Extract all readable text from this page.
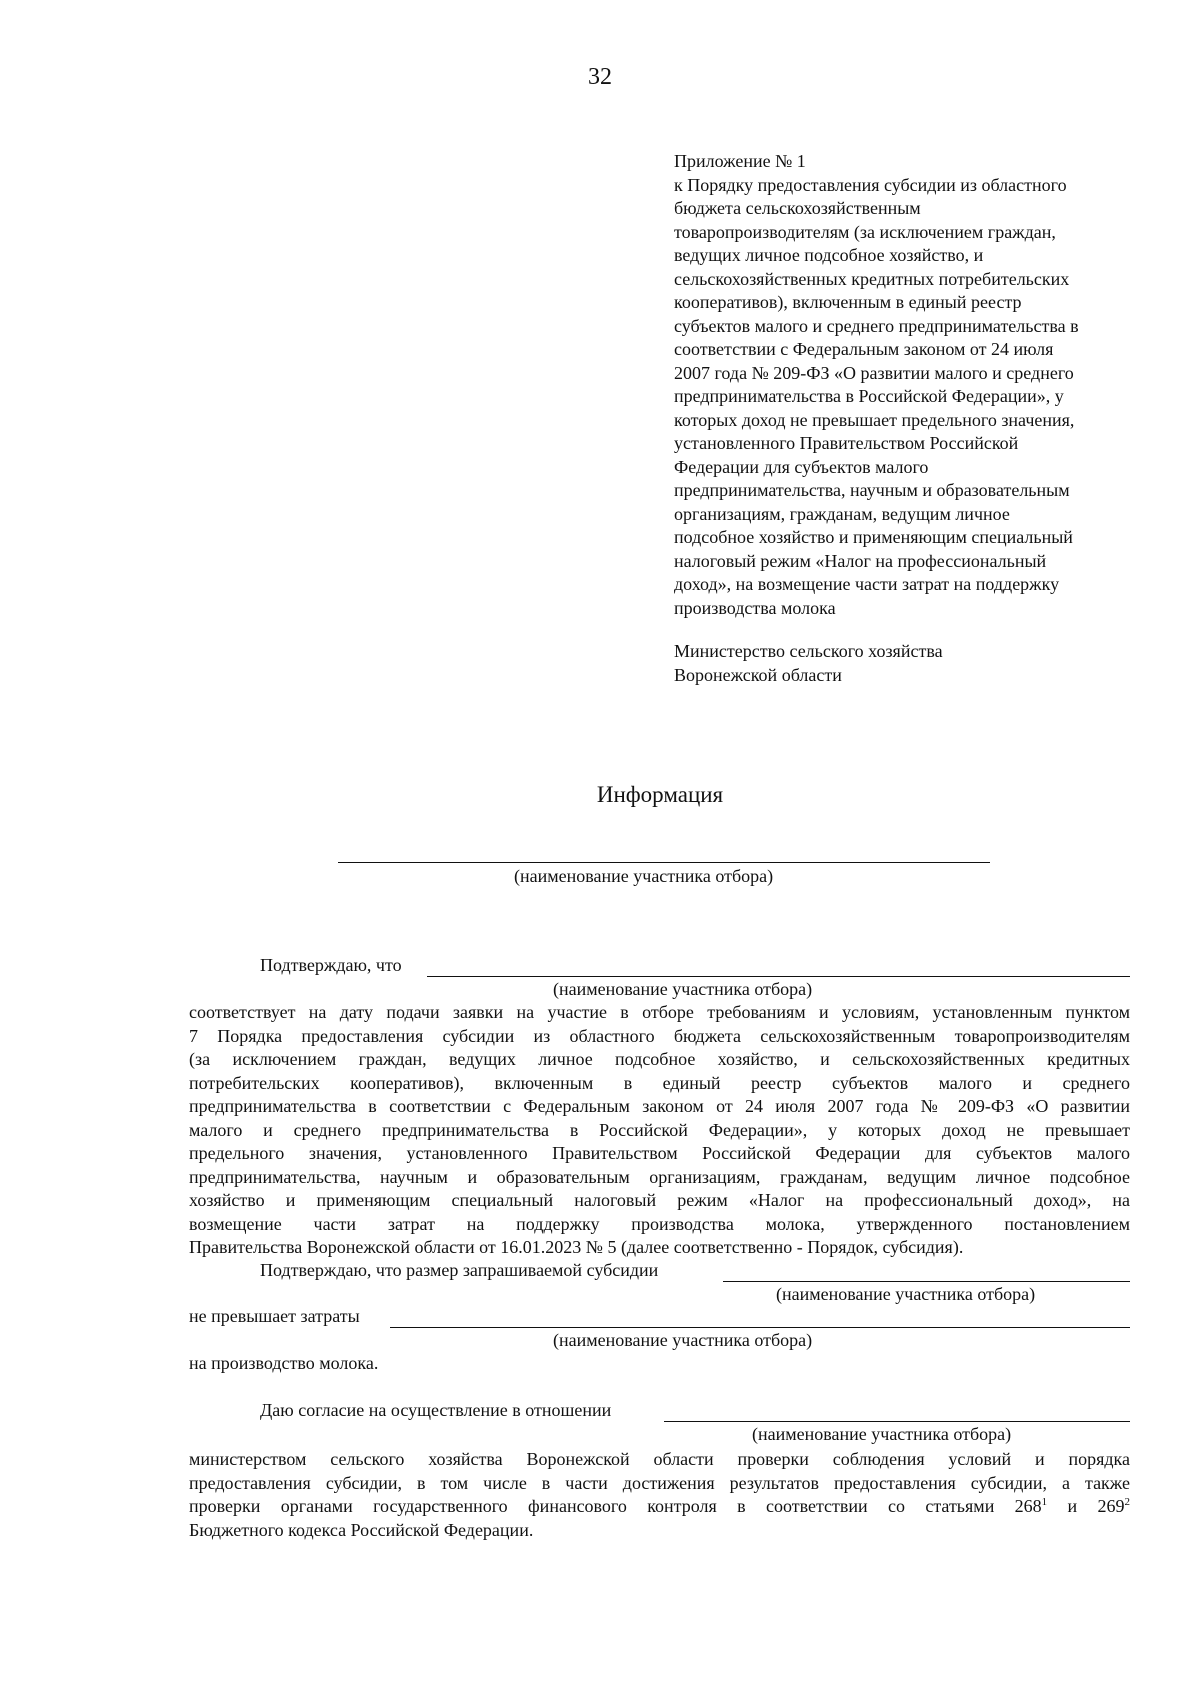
32
Приложение № 1
к Порядку предоставления субсидии из областного
бюджета сельскохозяйственным
товаропроизводителям (за исключением граждан,
ведущих личное подсобное хозяйство, и
сельскохозяйственных кредитных потребительских
кооперативов), включенным в единый реестр
субъектов малого и среднего предпринимательства в
соответствии с Федеральным законом от 24 июля
2007 года № 209-ФЗ «О развитии малого и среднего
предпринимательства в Российской Федерации», у
которых доход не превышает предельного значения,
установленного Правительством Российской
Федерации для субъектов малого
предпринимательства, научным и образовательным
организациям, гражданам, ведущим личное
подсобное хозяйство и применяющим специальный
налоговый режим «Налог на профессиональный
доход», на возмещение части затрат на поддержку
производства молока
Министерство сельского хозяйства
Воронежской области
Информация
(наименование участника отбора)
Подтверждаю, что
(наименование участника отбора)
соответствует на дату подачи заявки на участие в отборе требованиям и условиям, установленным пунктом
7 Порядка предоставления субсидии из областного бюджета сельскохозяйственным товаропроизводителям
(за исключением граждан, ведущих личное подсобное хозяйство, и сельскохозяйственных кредитных
потребительских кооперативов), включенным в единый реестр субъектов малого и среднего
предпринимательства в соответствии с Федеральным законом от 24 июля 2007 года № 209-ФЗ «О развитии
малого и среднего предпринимательства в Российской Федерации», у которых доход не превышает
предельного значения, установленного Правительством Российской Федерации для субъектов малого
предпринимательства, научным и образовательным организациям, гражданам, ведущим личное подсобное
хозяйство и применяющим специальный налоговый режим «Налог на профессиональный доход», на
возмещение части затрат на поддержку производства молока, утвержденного постановлением
Правительства Воронежской области от 16.01.2023 № 5 (далее соответственно - Порядок, субсидия).
Подтверждаю, что размер запрашиваемой субсидии
(наименование участника отбора)
не превышает затраты
(наименование участника отбора)
на производство молока.
Даю согласие на осуществление в отношении
(наименование участника отбора)
министерством сельского хозяйства Воронежской области проверки соблюдения условий и порядка
предоставления субсидии, в том числе в части достижения результатов предоставления субсидии, а также
проверки органами государственного финансового контроля в соответствии со статьями $268^1$ и $269^2$
Бюджетного кодекса Российской Федерации.
